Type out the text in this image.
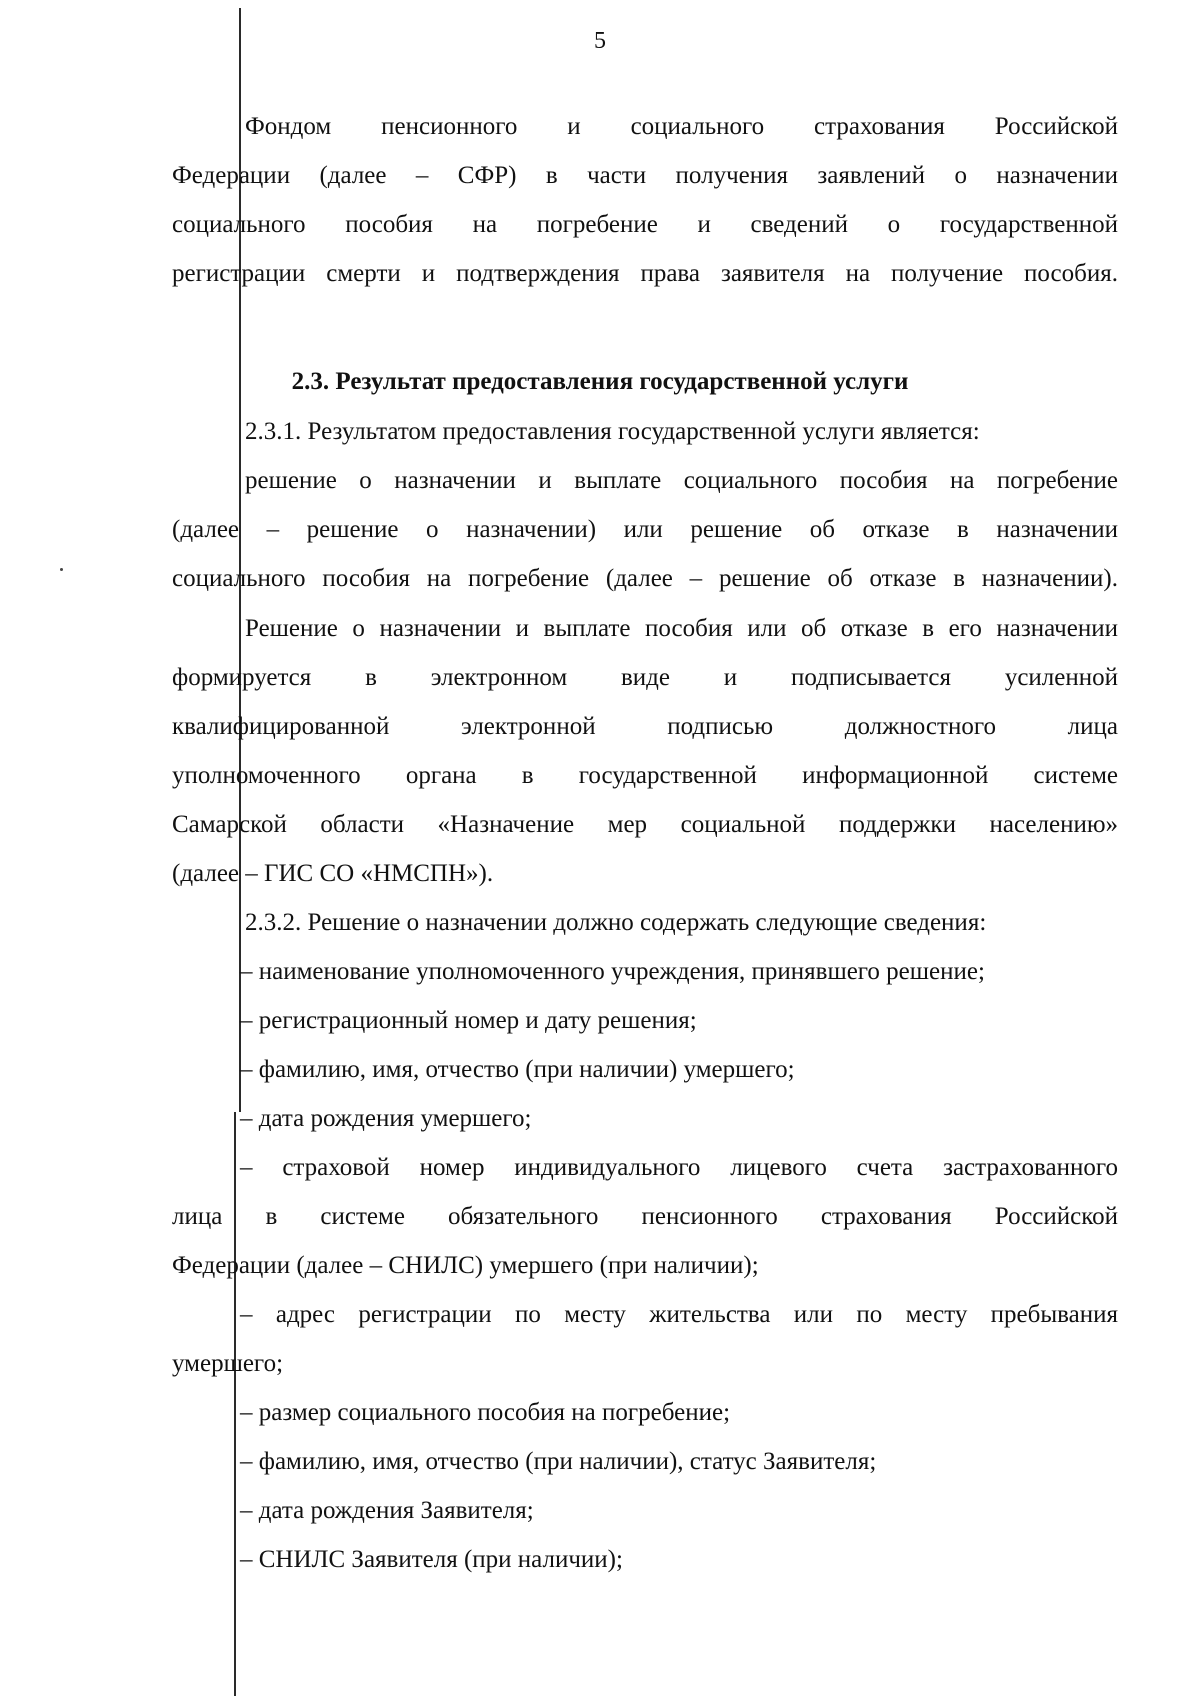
5
Фондом пенсионного и социального страхования Российской
Федерации (далее – СФР) в части получения заявлений о назначении
социального пособия на погребение и сведений о государственной
регистрации смерти и подтверждения права заявителя на получение пособия.
2.3. Результат предоставления государственной услуги
2.3.1. Результатом предоставления государственной услуги является:
решение о назначении и выплате социального пособия на погребение
(далее – решение о назначении) или решение об отказе в назначении
социального пособия на погребение (далее – решение об отказе в назначении).
Решение о назначении и выплате пособия или об отказе в его назначении
формируется в электронном виде и подписывается усиленной
квалифицированной электронной подписью должностного лица
уполномоченного органа в государственной информационной системе
Самарской области «Назначение мер социальной поддержки населению»
(далее – ГИС СО «НМСПН»).
2.3.2. Решение о назначении должно содержать следующие сведения:
– наименование уполномоченного учреждения, принявшего решение;
– регистрационный номер и дату решения;
– фамилию, имя, отчество (при наличии) умершего;
– дата рождения умершего;
– страховой номер индивидуального лицевого счета застрахованного
лица в системе обязательного пенсионного страхования Российской
Федерации (далее – СНИЛС) умершего (при наличии);
– адрес регистрации по месту жительства или по месту пребывания
умершего;
– размер социального пособия на погребение;
– фамилию, имя, отчество (при наличии), статус Заявителя;
– дата рождения Заявителя;
– СНИЛС Заявителя (при наличии);
